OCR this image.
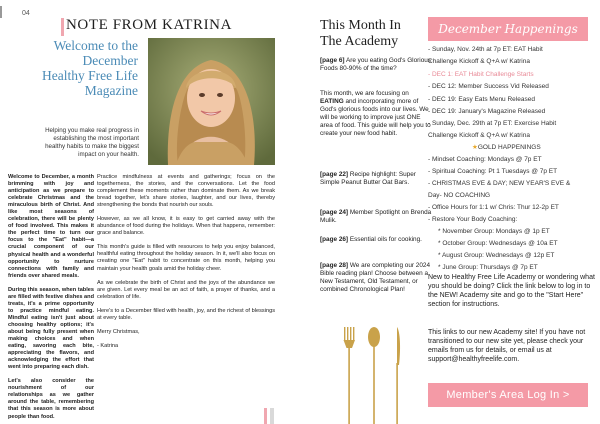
04
NOTE FROM KATRINA
Welcome to the December Healthy Free Life Magazine
Helping you make real progress in establishing the most important healthy habits to make the biggest impact on your health.

Welcome to December, a month brimming with joy and anticipation as we prepare to celebrate Christmas and the miraculous birth of Christ. And like most seasons of celebration, there will be plenty of food involved. This makes it the perfect time to turn our focus to the "Eat" habit—a crucial component of our physical health and a wonderful opportunity to nurture connections with family and friends over shared meals.

During this season, when tables are filled with festive dishes and treats, it's a prime opportunity to practice mindful eating. Mindful eating isn't just about choosing healthy options; it's about being fully present when making choices and when eating, savoring each bite, appreciating the flavors, and acknowledging the effort that went into preparing each dish.

Let's also consider the nourishment of our relationships as we gather around the table, remembering that this season is more about people than food.

Practice mindfulness at events and gatherings; focus on the togetherness, the stories, and the conversations. Let the food complement these moments rather than dominate them. As we break bread together, let's share stories, laughter, and our lives, thereby strengthening the bonds that nourish our souls.

However, as we all know, it is easy to get carried away with the abundance of food during the holidays. When that happens, remember: grace and balance.

This month's guide is filled with resources to help you enjoy balanced, healthful eating throughout the holiday season. In it, we'll also focus on creating one "Eat" habit to concentrate on this month, helping you maintain your health goals amid the holiday cheer.

As we celebrate the birth of Christ and the joys of the abundance we are given. Let every meal be an act of faith, a prayer of thanks, and a celebration of life.

Here's to a December filled with health, joy, and the richest of blessings at every table.

Merry Christmas,

- Katrina

This Month In The Academy
[page 6] Are you eating God's Glorious Foods 80-90% of the time?
This month, we are focusing on EATING and incorporating more of God's glorious foods into our lives. We will be working to improve just ONE area of food. This guide will help you to create your new food habit.
[page 22] Recipe highlight: Super Simple Peanut Butter Oat Bars.
[page 24] Member Spotlight on Brenda Mulik.
[page 26] Essential oils for cooking.
[page 28] We are completing our 2024 Bible reading plan! Choose between a New Testament, Old Testament, or combined Chronological Plan!
December Happenings
- Sunday, Nov. 24th at 7p ET: EAT Habit
Challenge Kickoff & Q+A w/ Katrina
- DEC 1: EAT Habit Challenge Starts
- DEC 12: Member Success Vid Released
- DEC 19: Easy Eats Menu Released
- DEC 19: January's Magazine Released
- Sunday, Dec. 29th at 7p ET: Exercise Habit
Challenge Kickoff & Q+A w/ Katrina
★GOLD HAPPENINGS
- Mindset Coaching: Mondays @ 7p ET
- Spiritual Coaching: Pt 1 Tuesdays @ 7p ET
- CHRISTMAS EVE & DAY; NEW YEAR'S EVE &
Day- NO COACHING
- Office Hours for 1:1 w/ Chris: Thur 12-2p ET
- Restore Your Body Coaching:
* November Group: Mondays @ 1p ET
* October Group: Wednesdays @ 10a ET
* August Group: Wednesdays @ 12p ET
* June Group: Thursdays @ 7p ET
New to Healthy Free Life Academy or wondering what you should be doing? Click the link below to log in to the NEW! Academy site and go to the "Start Here" section for instructions.
This links to our new Academy site! If you have not transitioned to our new site yet, please check your emails from us for details, or email us at support@healthyfreelife.com.
Member's Area Log In >
